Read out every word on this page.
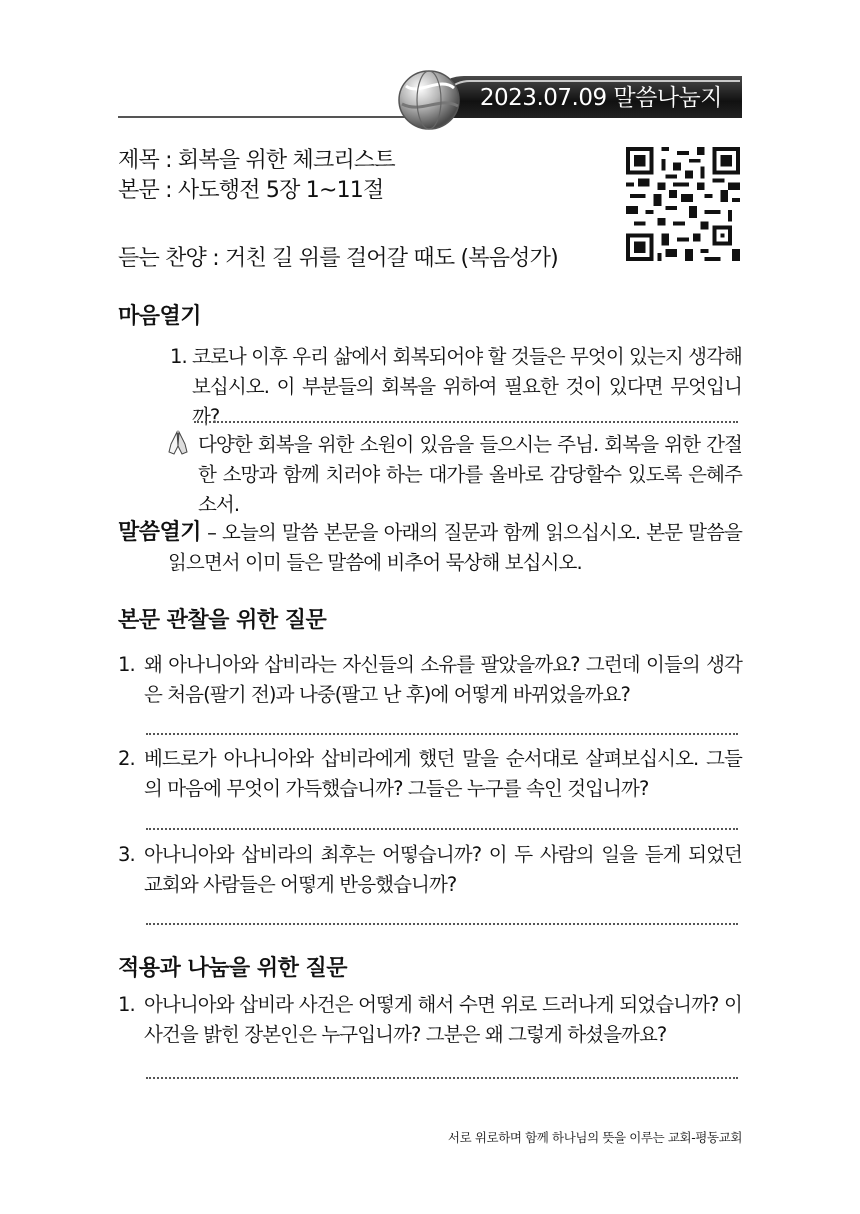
2023.07.09 말씀나눔지
제목 : 회복을 위한 체크리스트
본문 : 사도행전 5장 1~11절
듣는 찬양 : 거친 길 위를 걸어갈 때도 (복음성가)
마음열기
1. 코로나 이후 우리 삶에서 회복되어야 할 것들은 무엇이 있는지 생각해 보십시오. 이 부분들의 회복을 위하여 필요한 것이 있다면 무엇입니까?
다양한 회복을 위한 소원이 있음을 들으시는 주님. 회복을 위한 간절한 소망과 함께 치러야 하는 대가를 올바로 감당할수 있도록 은혜주소서.
말씀열기 – 오늘의 말씀 본문을 아래의 질문과 함께 읽으십시오. 본문 말씀을 읽으면서 이미 들은 말씀에 비추어 묵상해 보십시오.
본문 관찰을 위한 질문
1. 왜 아나니아와 삽비라는 자신들의 소유를 팔았을까요? 그런데 이들의 생각은 처음(팔기 전)과 나중(팔고 난 후)에 어떻게 바뀌었을까요?
2. 베드로가 아나니아와 삽비라에게 했던 말을 순서대로 살펴보십시오. 그들의 마음에 무엇이 가득했습니까? 그들은 누구를 속인 것입니까?
3. 아나니아와 삽비라의 최후는 어떻습니까? 이 두 사람의 일을 듣게 되었던 교회와 사람들은 어떻게 반응했습니까?
적용과 나눔을 위한 질문
1. 아나니아와 삽비라 사건은 어떻게 해서 수면 위로 드러나게 되었습니까? 이 사건을 밝힌 장본인은 누구입니까? 그분은 왜 그렇게 하셨을까요?
서로 위로하며 함께 하나님의 뜻을 이루는 교회-평동교회
